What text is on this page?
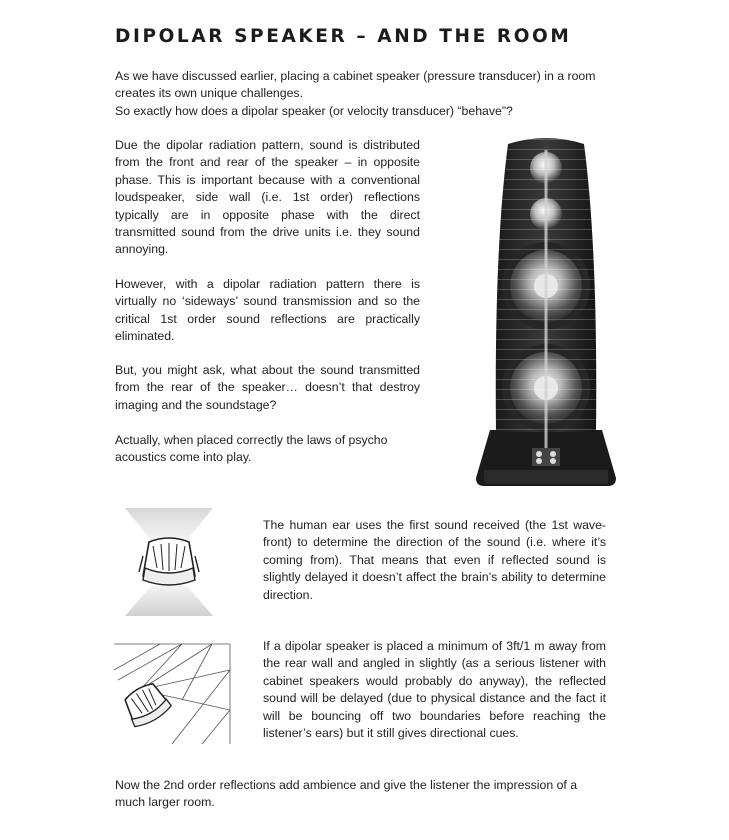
DIPOLAR SPEAKER – AND THE ROOM

As we have discussed earlier, placing a cabinet speaker (pressure transducer) in a room creates its own unique challenges.
So exactly how does a dipolar speaker (or velocity transducer) “behave”?

Due the dipolar radiation pattern, sound is distributed from the front and rear of the speaker – in opposite phase. This is important because with a conventional loudspeaker, side wall (i.e. 1st order) reflections typically are in opposite phase with the direct transmitted sound from the drive units i.e. they sound annoying.

However, with a dipolar radiation pattern there is virtually no ‘sideways’ sound transmission and so the critical 1st order sound reflections are practically eliminated.

But, you might ask, what about the sound transmitted from the rear of the speaker… doesn’t that destroy imaging and the soundstage?

Actually, when placed correctly the laws of psycho acoustics come into play.

The human ear uses the first sound received (the 1st wave-front) to determine the direction of the sound (i.e. where it’s coming from). That means that even if reflected sound is slightly delayed it doesn’t affect the brain’s ability to determine direction.

If a dipolar speaker is placed a minimum of 3ft/1 m away from the rear wall and angled in slightly (as a serious listener with cabinet speakers would probably do anyway), the reflected sound will be delayed (due to physical distance and the fact it will be bouncing off two boundaries before reaching the listener’s ears) but it still gives directional cues.

Now the 2nd order reflections add ambience and give the listener the impression of a much larger room.
